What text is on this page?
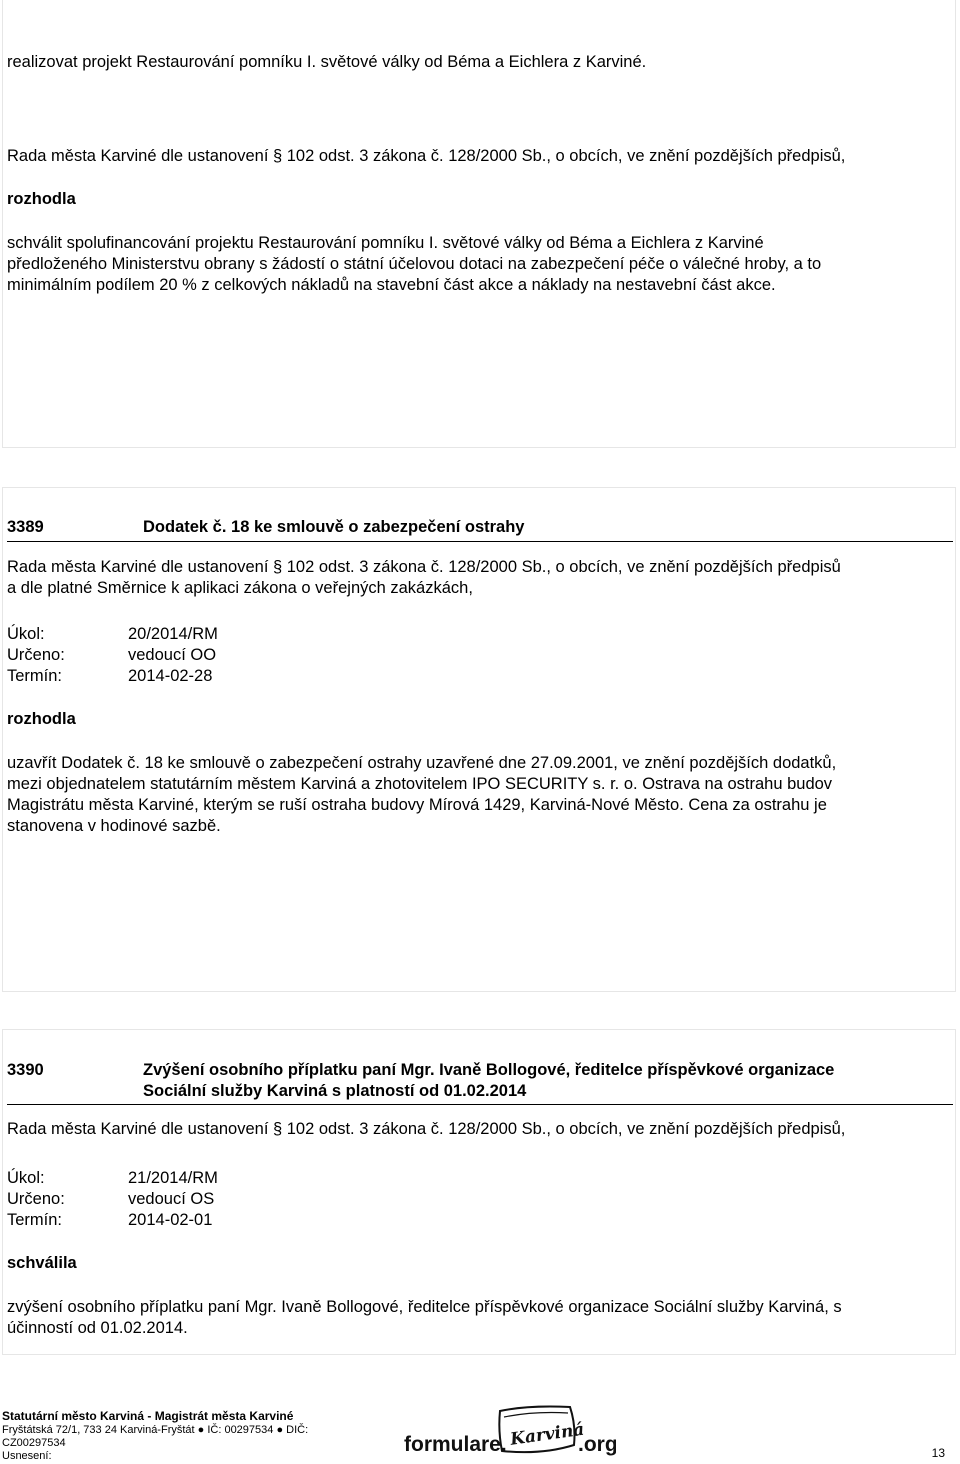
realizovat projekt Restaurování pomníku I. světové války od Béma a Eichlera z Karviné.

Rada města Karviné dle ustanovení § 102 odst. 3 zákona č. 128/2000 Sb., o obcích, ve znění pozdějších předpisů,

rozhodla

schválit spolufinancování projektu Restaurování pomníku I. světové války od Béma a Eichlera z Karviné

předloženého Ministerstvu obrany s žádostí o státní účelovou dotaci na zabezpečení péče o válečné hroby, a to

minimálním podílem 20 % z celkových nákladů na stavební část akce a náklady na nestavební část akce.

3389	Dodatek č. 18 ke smlouvě o zabezpečení ostrahy

Rada města Karviné dle ustanovení § 102 odst. 3 zákona č. 128/2000 Sb., o obcích, ve znění pozdějších předpisů

a dle platné Směrnice k aplikaci zákona o veřejných zakázkách,

Úkol:	20/2014/RM
Určeno:	vedoucí OO
Termín:	2014-02-28

rozhodla

uzavřít Dodatek č. 18 ke smlouvě o zabezpečení ostrahy uzavřené dne 27.09.2001, ve znění pozdějších dodatků,

mezi objednatelem statutárním městem Karviná a zhotovitelem IPO SECURITY s. r. o. Ostrava na ostrahu budov

Magistrátu města Karviné, kterým se ruší ostraha budovy Mírová 1429, Karviná-Nové Město. Cena za ostrahu je

stanovena v hodinové sazbě.

3390	Zvýšení osobního příplatku paní Mgr. Ivaně Bollogové, ředitelce příspěvkové organizace
Sociální služby Karviná s platností od 01.02.2014

Rada města Karviné dle ustanovení § 102 odst. 3 zákona č. 128/2000 Sb., o obcích, ve znění pozdějších předpisů,

Úkol:	21/2014/RM
Určeno:	vedoucí OS
Termín:	2014-02-01

schválila

zvýšení osobního příplatku paní Mgr. Ivaně Bollogové, ředitelce příspěvkové organizace Sociální služby Karviná, s

účinností od 01.02.2014.

Statutární město Karviná - Magistrát města Karviné
Fryštátská 72/1, 733 24 Karviná-Fryštát ● IČ: 00297534 ● DIČ:
CZ00297534
Usnesení:	formulare. Karviná
.org	13
